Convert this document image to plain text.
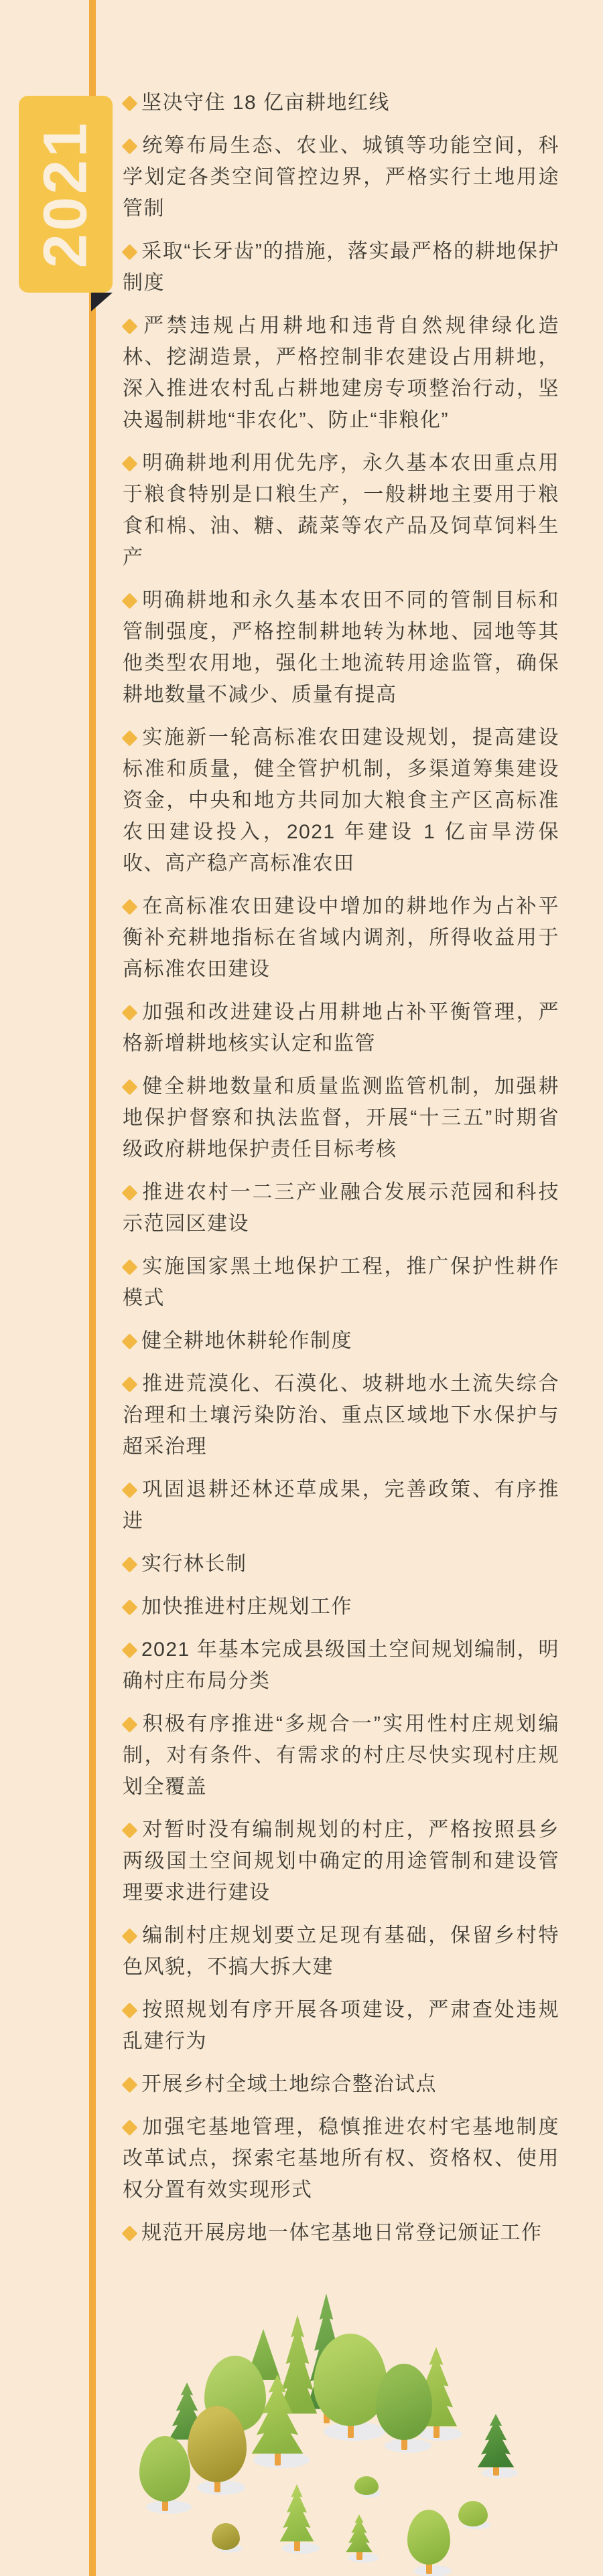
2021
坚决守住 18 亿亩耕地红线
统筹布局生态、农业、城镇等功能空间，科学划定各类空间管控边界，严格实行土地用途管制
采取“长牙齿”的措施，落实最严格的耕地保护制度
严禁违规占用耕地和违背自然规律绿化造林、挖湖造景，严格控制非农建设占用耕地，深入推进农村乱占耕地建房专项整治行动，坚决遏制耕地“非农化”、防止“非粮化”
明确耕地利用优先序，永久基本农田重点用于粮食特别是口粮生产，一般耕地主要用于粮食和棉、油、糖、蔬菜等农产品及饲草饲料生产
明确耕地和永久基本农田不同的管制目标和管制强度，严格控制耕地转为林地、园地等其他类型农用地，强化土地流转用途监管，确保耕地数量不减少、质量有提高
实施新一轮高标准农田建设规划，提高建设标准和质量，健全管护机制，多渠道筹集建设资金，中央和地方共同加大粮食主产区高标准农田建设投入，2021 年建设 1 亿亩旱涝保收、高产稳产高标准农田
在高标准农田建设中增加的耕地作为占补平衡补充耕地指标在省域内调剂，所得收益用于高标准农田建设
加强和改进建设占用耕地占补平衡管理，严格新增耕地核实认定和监管
健全耕地数量和质量监测监管机制，加强耕地保护督察和执法监督，开展“十三五”时期省级政府耕地保护责任目标考核
推进农村一二三产业融合发展示范园和科技示范园区建设
实施国家黑土地保护工程，推广保护性耕作模式
健全耕地休耕轮作制度
推进荒漠化、石漠化、坡耕地水土流失综合治理和土壤污染防治、重点区域地下水保护与超采治理
巩固退耕还林还草成果，完善政策、有序推进
实行林长制
加快推进村庄规划工作
2021 年基本完成县级国土空间规划编制，明确村庄布局分类
积极有序推进“多规合一”实用性村庄规划编制，对有条件、有需求的村庄尽快实现村庄规划全覆盖
对暂时没有编制规划的村庄，严格按照县乡两级国土空间规划中确定的用途管制和建设管理要求进行建设
编制村庄规划要立足现有基础，保留乡村特色风貌，不搞大拆大建
按照规划有序开展各项建设，严肃查处违规乱建行为
开展乡村全域土地综合整治试点
加强宅基地管理，稳慎推进农村宅基地制度改革试点，探索宅基地所有权、资格权、使用权分置有效实现形式
规范开展房地一体宅基地日常登记颁证工作
